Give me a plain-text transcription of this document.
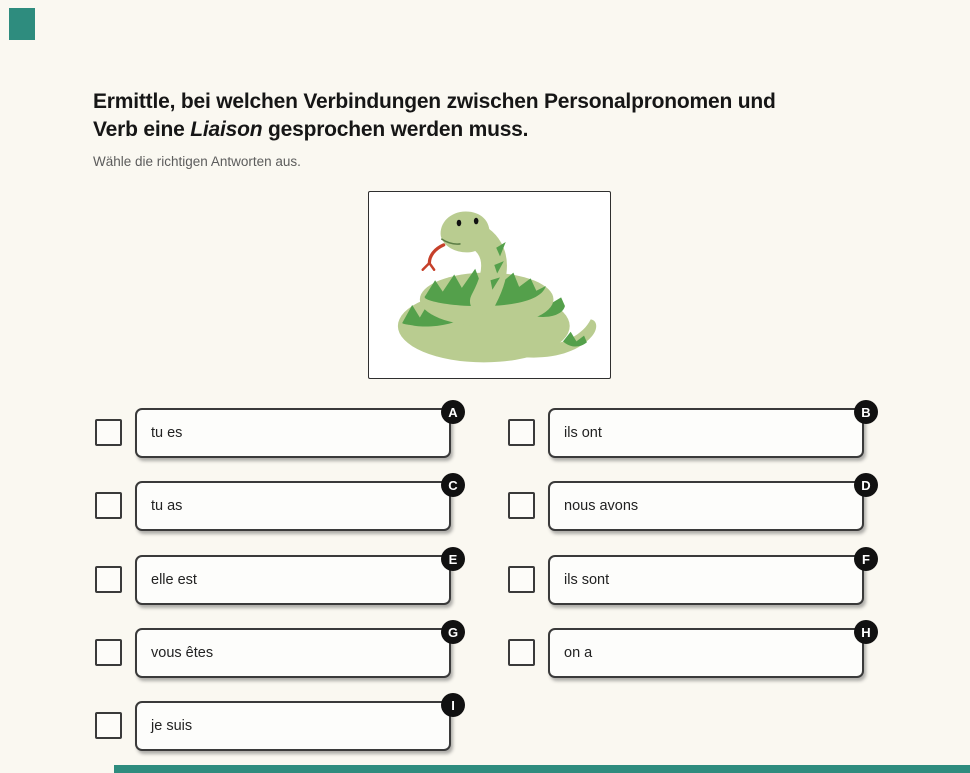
Ermittle, bei welchen Verbindungen zwischen Personalpronomen und
Verb eine Liaison gesprochen werden muss.
Wähle die richtigen Antworten aus.
tu es
A
ils ont
B
tu as
C
nous avons
D
elle est
E
ils sont
F
vous êtes
G
on a
H
je suis
I
